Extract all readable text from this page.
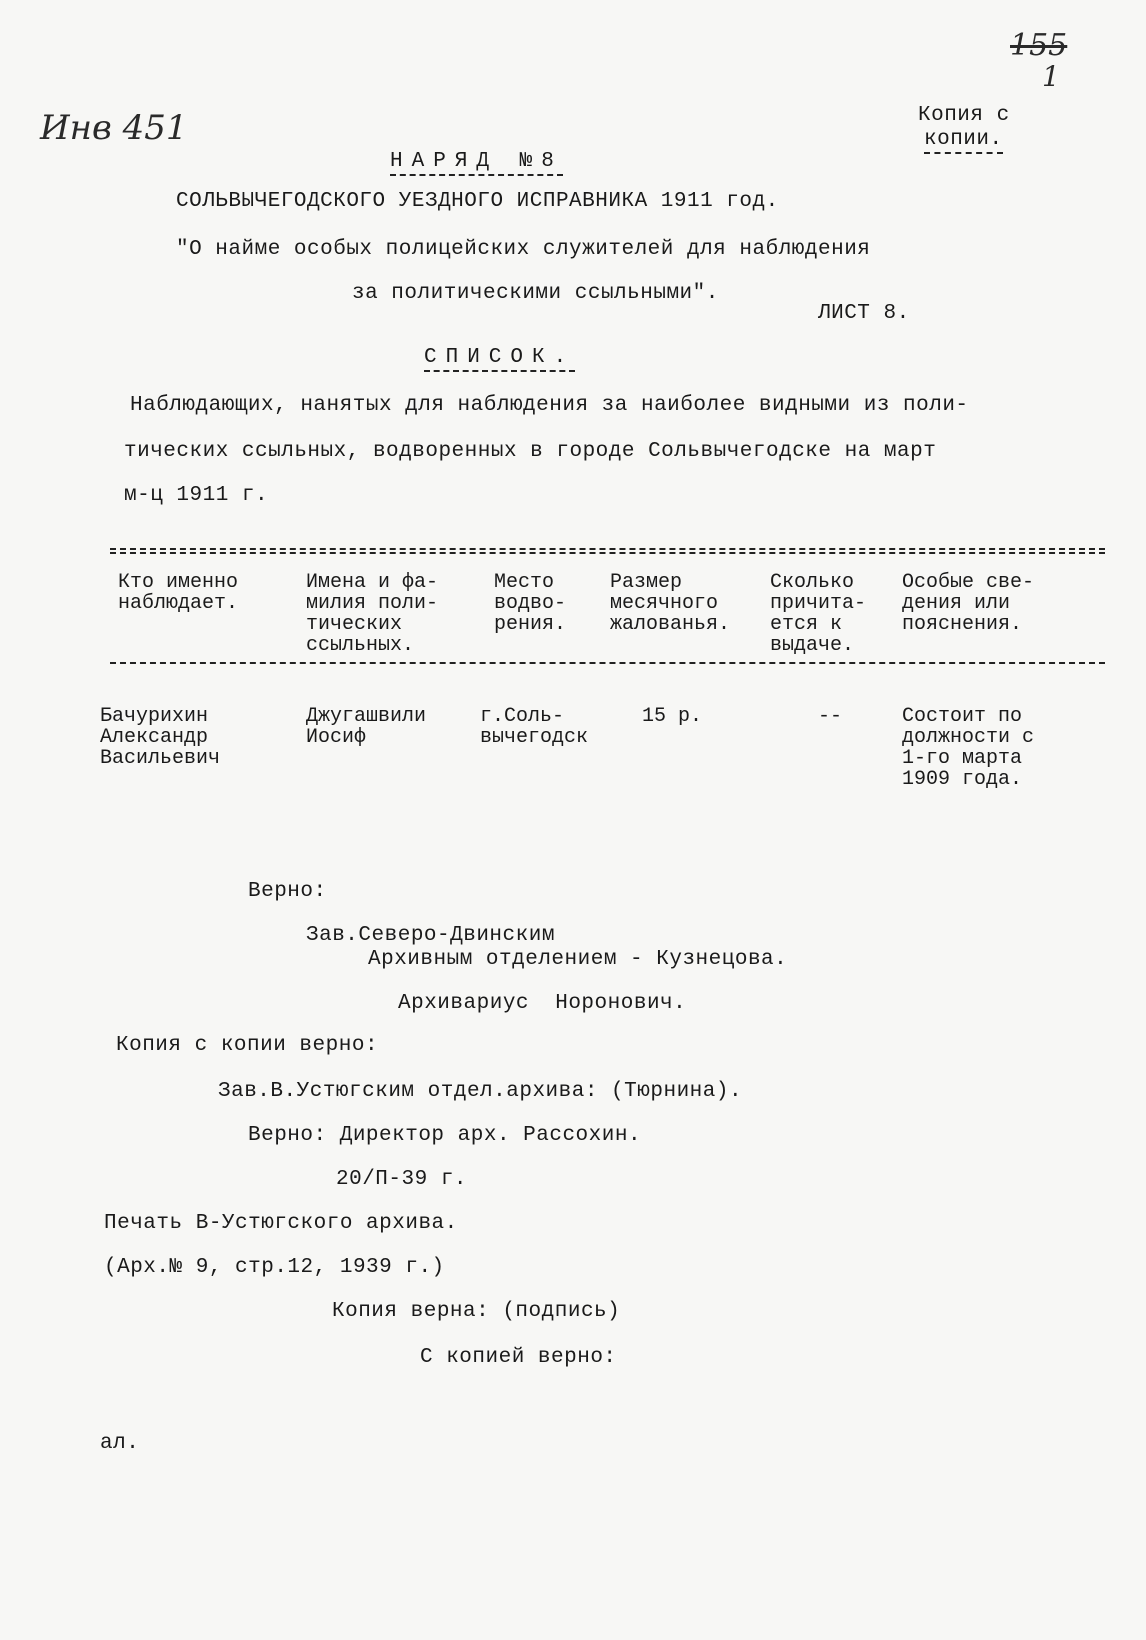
Инв 451
155
1
Копия с
копии.
НАРЯД №8
СОЛЬВЫЧЕГОДСКОГО УЕЗДНОГО ИСПРАВНИКА 1911 год.
"О найме особых полицейских служителей для наблюдения
за политическими ссыльными".
ЛИСТ 8.
СПИСОК.
Наблюдающих, нанятых для наблюдения за наиболее видными из поли-
тических ссыльных, водворенных в городе Сольвычегодске на март
м-ц 1911 г.
Кто именно
наблюдает.
Имена и фа-
милия поли-
тических
ссыльных.
Место
водво-
рения.
Размер
месячного
жалованья.
Сколько
причита-
ется к
выдаче.
Особые све-
дения или
пояснения.
Бачурихин
Александр
Васильевич
Джугашвили
Иосиф
г.Соль-
вычегодск
15 р.	--	Состоит по
должности с
1-го марта
1909 года.
Верно:
Зав.Северо-Двинским
Архивным отделением - Кузнецова.
Архивариус  Норонович.
Копия с копии верно:
Зав.В.Устюгским отдел.архива: (Тюрнина).
Верно: Директор арх. Рассохин.
20/П-39 г.
Печать В-Устюгского архива.
(Арх.№ 9, стр.12, 1939 г.)
Копия верна: (подпись)
С копией верно:
ал.
